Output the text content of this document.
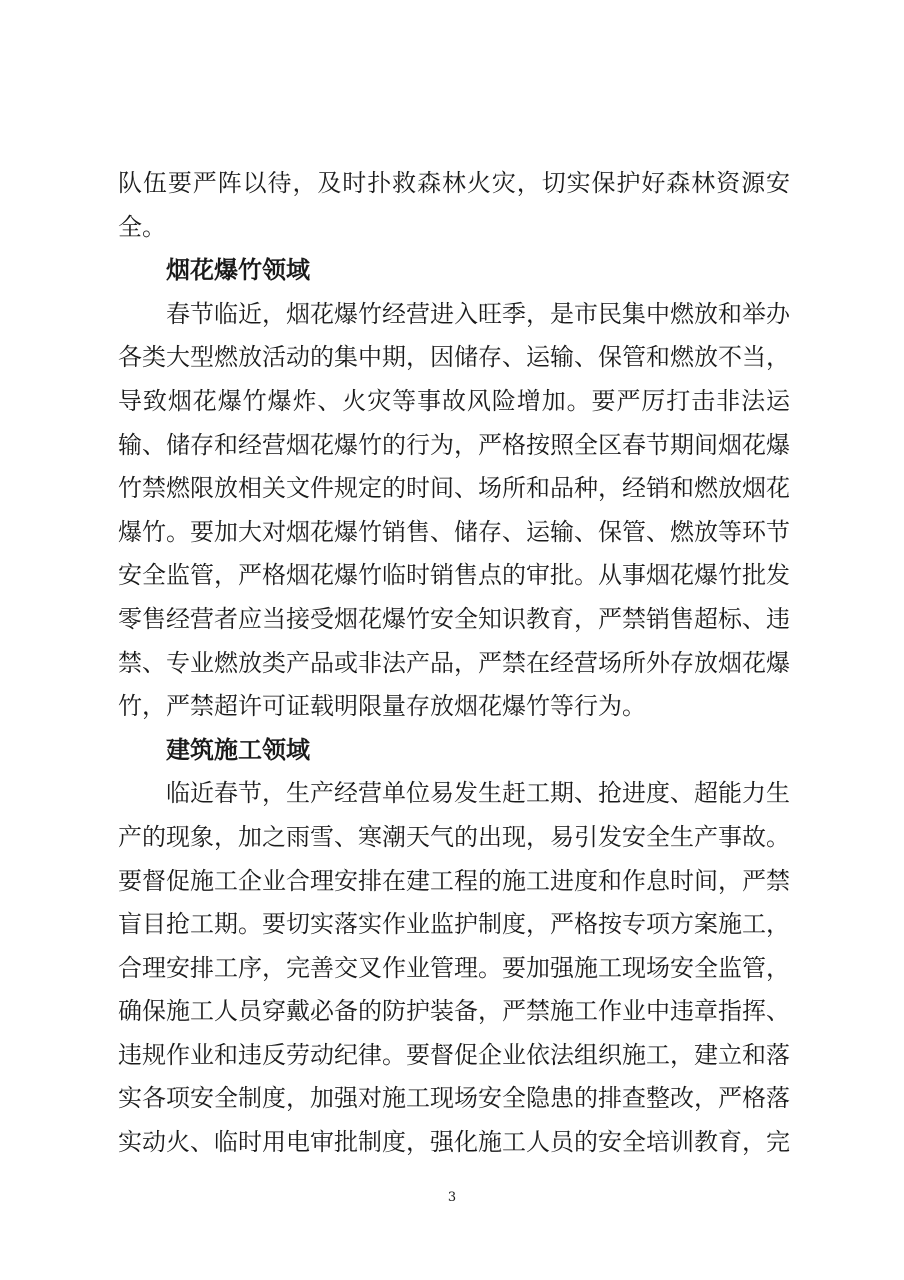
队伍要严阵以待，及时扑救森林火灾，切实保护好森林资源安全。

烟花爆竹领域

春节临近，烟花爆竹经营进入旺季，是市民集中燃放和举办各类大型燃放活动的集中期，因储存、运输、保管和燃放不当，导致烟花爆竹爆炸、火灾等事故风险增加。要严厉打击非法运输、储存和经营烟花爆竹的行为，严格按照全区春节期间烟花爆竹禁燃限放相关文件规定的时间、场所和品种，经销和燃放烟花爆竹。要加大对烟花爆竹销售、储存、运输、保管、燃放等环节安全监管，严格烟花爆竹临时销售点的审批。从事烟花爆竹批发零售经营者应当接受烟花爆竹安全知识教育，严禁销售超标、违禁、专业燃放类产品或非法产品，严禁在经营场所外存放烟花爆竹，严禁超许可证载明限量存放烟花爆竹等行为。

建筑施工领域

临近春节，生产经营单位易发生赶工期、抢进度、超能力生产的现象，加之雨雪、寒潮天气的出现，易引发安全生产事故。要督促施工企业合理安排在建工程的施工进度和作息时间，严禁盲目抢工期。要切实落实作业监护制度，严格按专项方案施工，合理安排工序，完善交叉作业管理。要加强施工现场安全监管，确保施工人员穿戴必备的防护装备，严禁施工作业中违章指挥、违规作业和违反劳动纪律。要督促企业依法组织施工，建立和落实各项安全制度，加强对施工现场安全隐患的排查整改，严格落实动火、临时用电审批制度，强化施工人员的安全培训教育，完

3
